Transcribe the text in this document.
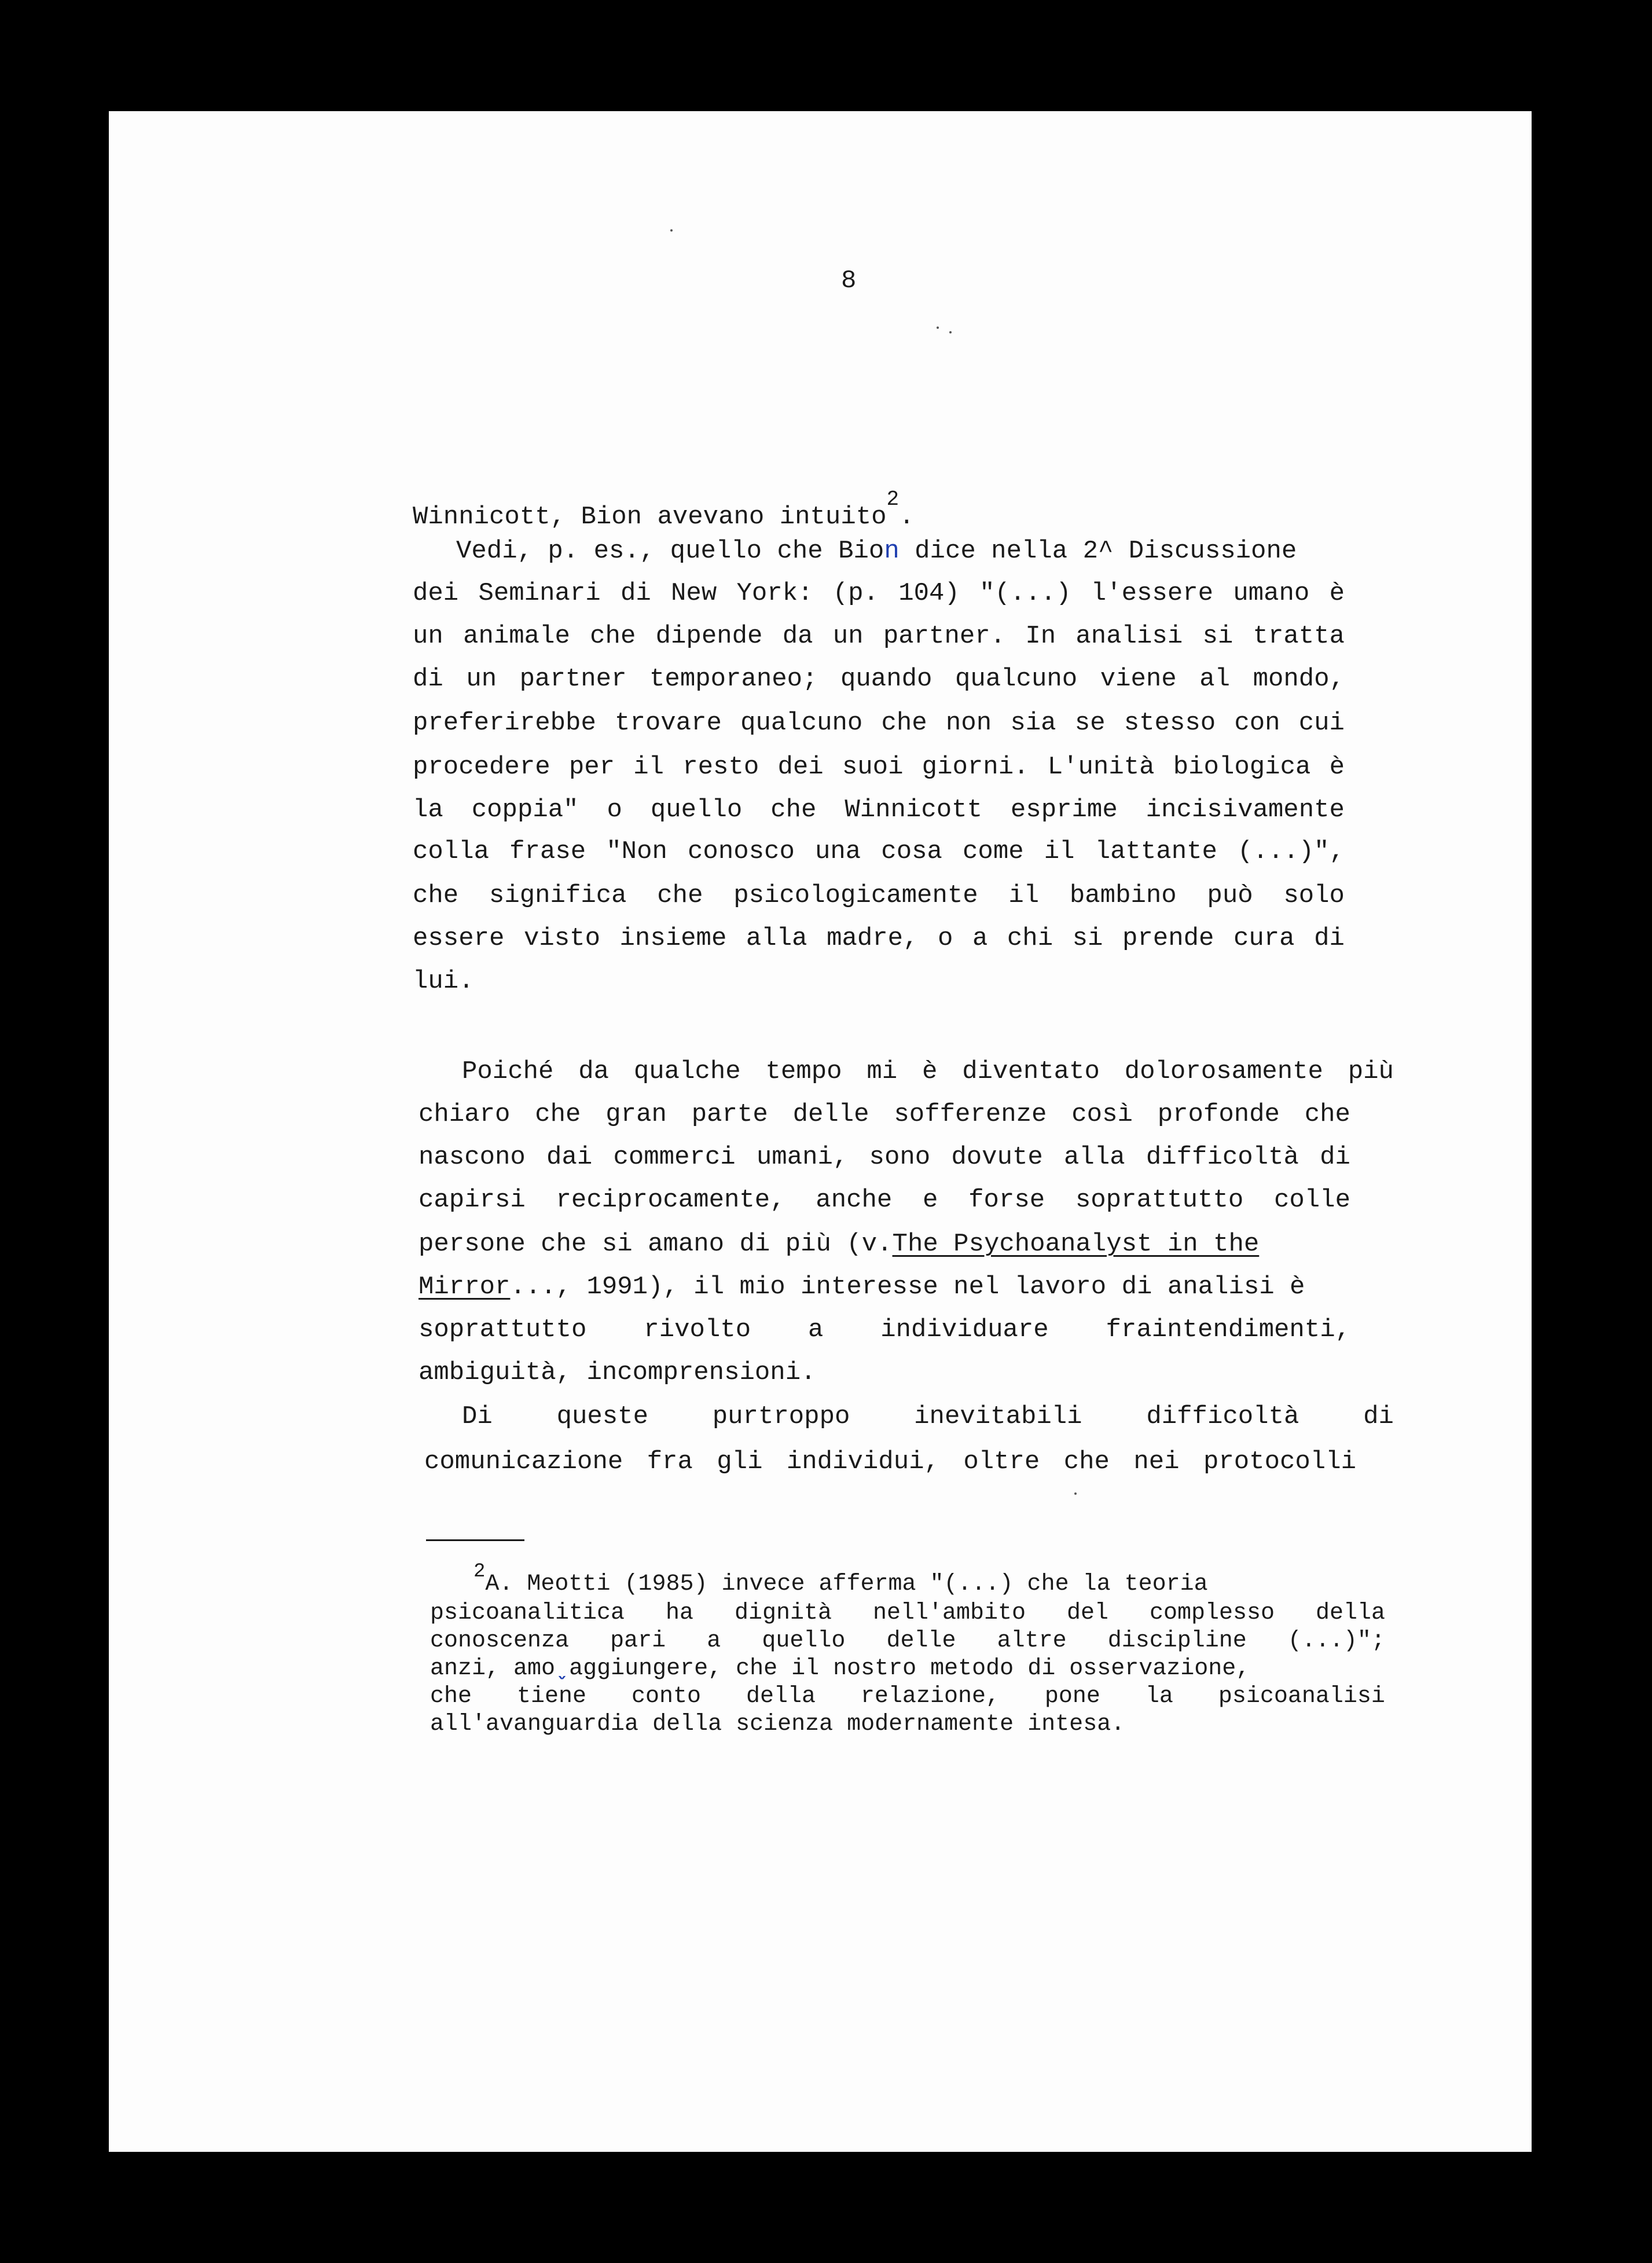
8
Winnicott, Bion avevano intuito
2
.
Vedi, p. es., quello che Bion dice nella 2^ Discussione
dei Seminari di New York: (p. 104) "(...) l'essere umano è
un animale che dipende da un partner. In analisi si tratta
di un partner temporaneo; quando qualcuno viene al mondo,
preferirebbe trovare qualcuno che non sia se stesso con cui
procedere per il resto dei suoi giorni. L'unità biologica è
la coppia" o quello che Winnicott esprime incisivamente
colla frase "Non conosco una cosa come il lattante (...)",
che significa che psicologicamente il bambino può solo
essere visto insieme alla madre, o a chi si prende cura di
lui.
Poiché da qualche tempo mi è diventato dolorosamente più
chiaro che gran parte delle sofferenze così profonde che
nascono dai commerci umani, sono dovute alla difficoltà di
capirsi reciprocamente, anche e forse soprattutto colle
persone che si amano di più (v. The Psychoanalyst in the
Mirror ..., 1991), il mio interesse nel lavoro di analisi è
soprattutto rivolto a individuare fraintendimenti,
ambiguità, incomprensioni.
Di	queste	purtroppo	inevitabili	difficoltà	di
comunicazione fra gli individui, oltre che nei protocolli
2 A. Meotti (1985) invece afferma "(...) che la teoria
psicoanalitica ha dignità nell'ambito del complesso della
conoscenza pari a quello delle altre discipline (...)";
anzi, amo ˬ aggiungere, che il nostro metodo di osservazione,
che tiene conto della relazione, pone la psicoanalisi
all'avanguardia della scienza modernamente intesa.
